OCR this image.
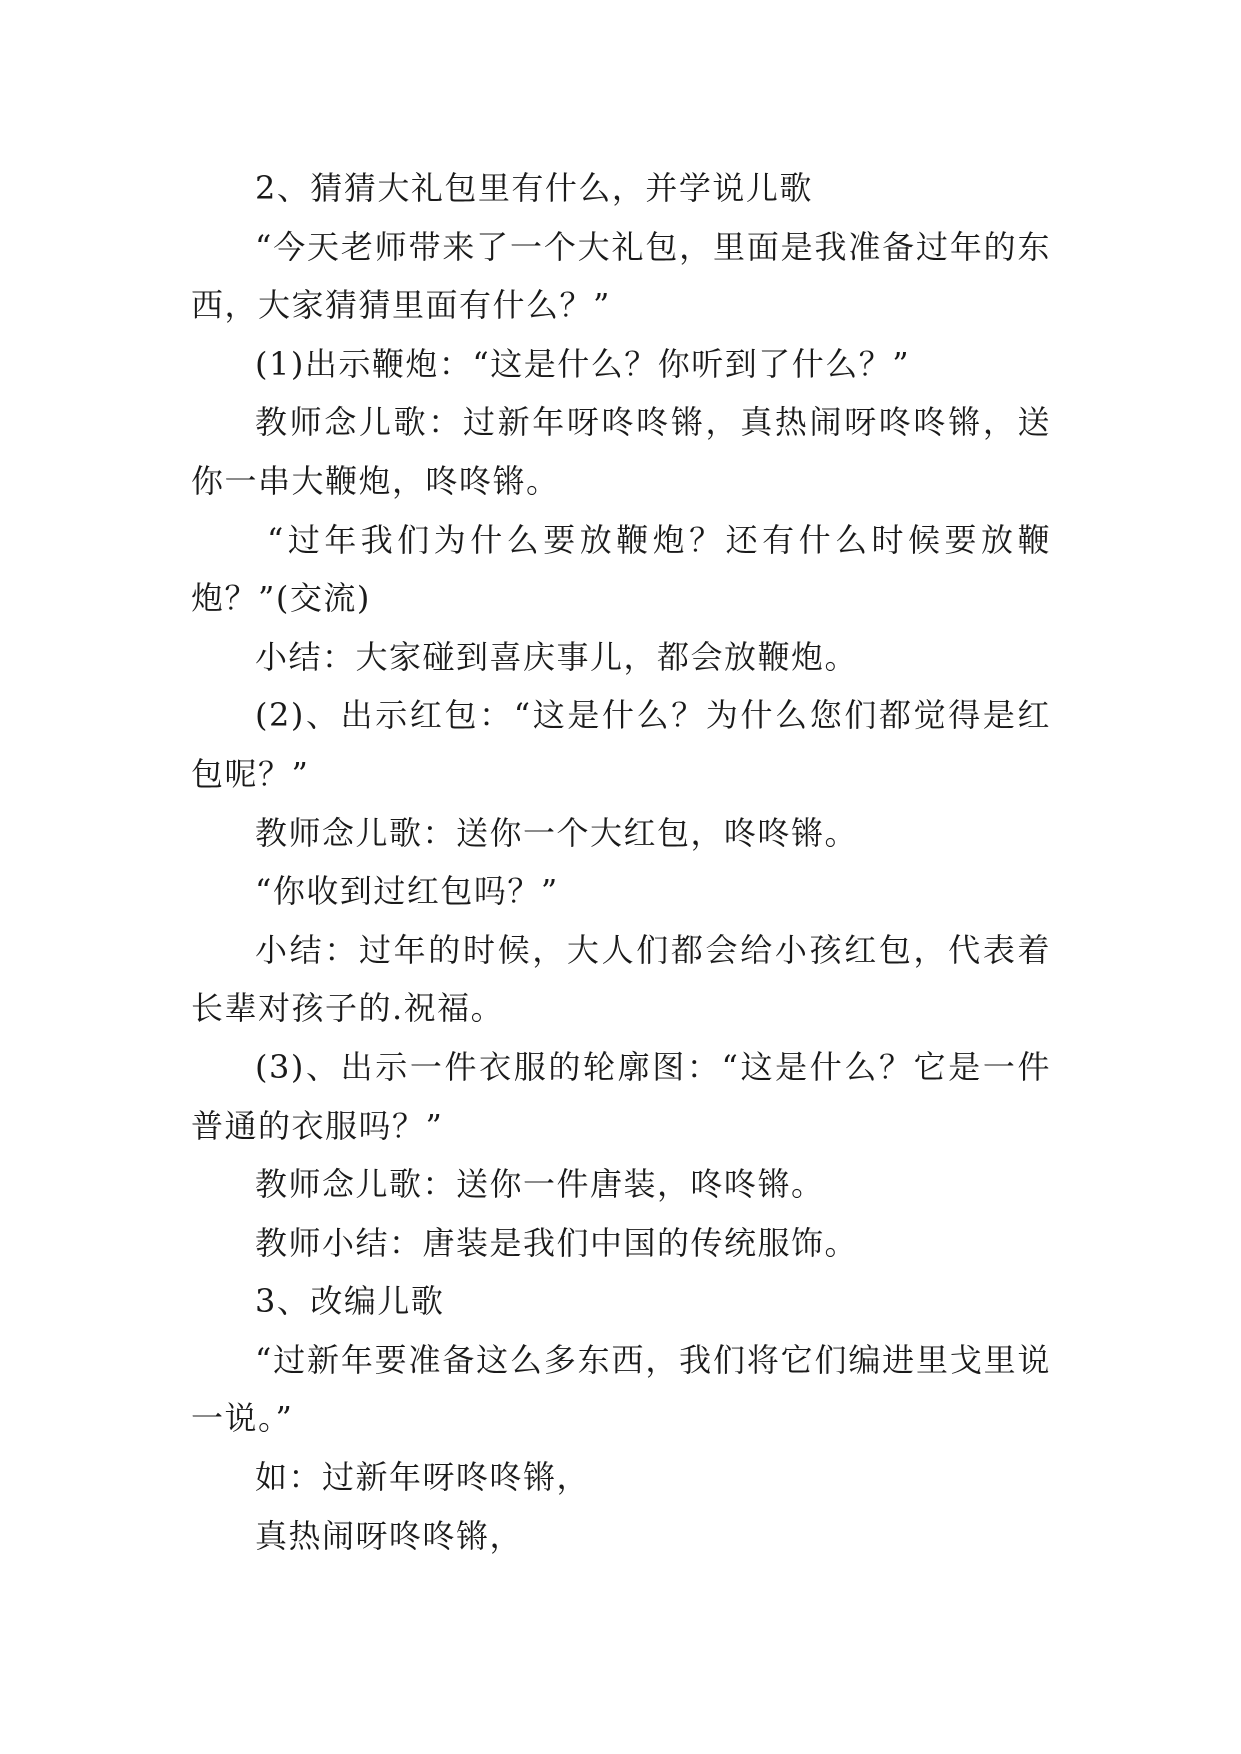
2、猜猜大礼包里有什么，并学说儿歌

“今天老师带来了一个大礼包，里面是我准备过年的东西，大家猜猜里面有什么？”

(1)出示鞭炮：“这是什么？你听到了什么？”

教师念儿歌：过新年呀咚咚锵，真热闹呀咚咚锵，送你一串大鞭炮，咚咚锵。

“过年我们为什么要放鞭炮？还有什么时候要放鞭炮？”(交流)

小结：大家碰到喜庆事儿，都会放鞭炮。

(2)、出示红包：“这是什么？为什么您们都觉得是红包呢？”

教师念儿歌：送你一个大红包，咚咚锵。

“你收到过红包吗？”

小结：过年的时候，大人们都会给小孩红包，代表着长辈对孩子的.祝福。

(3)、出示一件衣服的轮廓图：“这是什么？它是一件普通的衣服吗？”

教师念儿歌：送你一件唐装，咚咚锵。

教师小结：唐装是我们中国的传统服饰。

3、改编儿歌

“过新年要准备这么多东西，我们将它们编进里戈里说一说。”

如：过新年呀咚咚锵，

真热闹呀咚咚锵，
